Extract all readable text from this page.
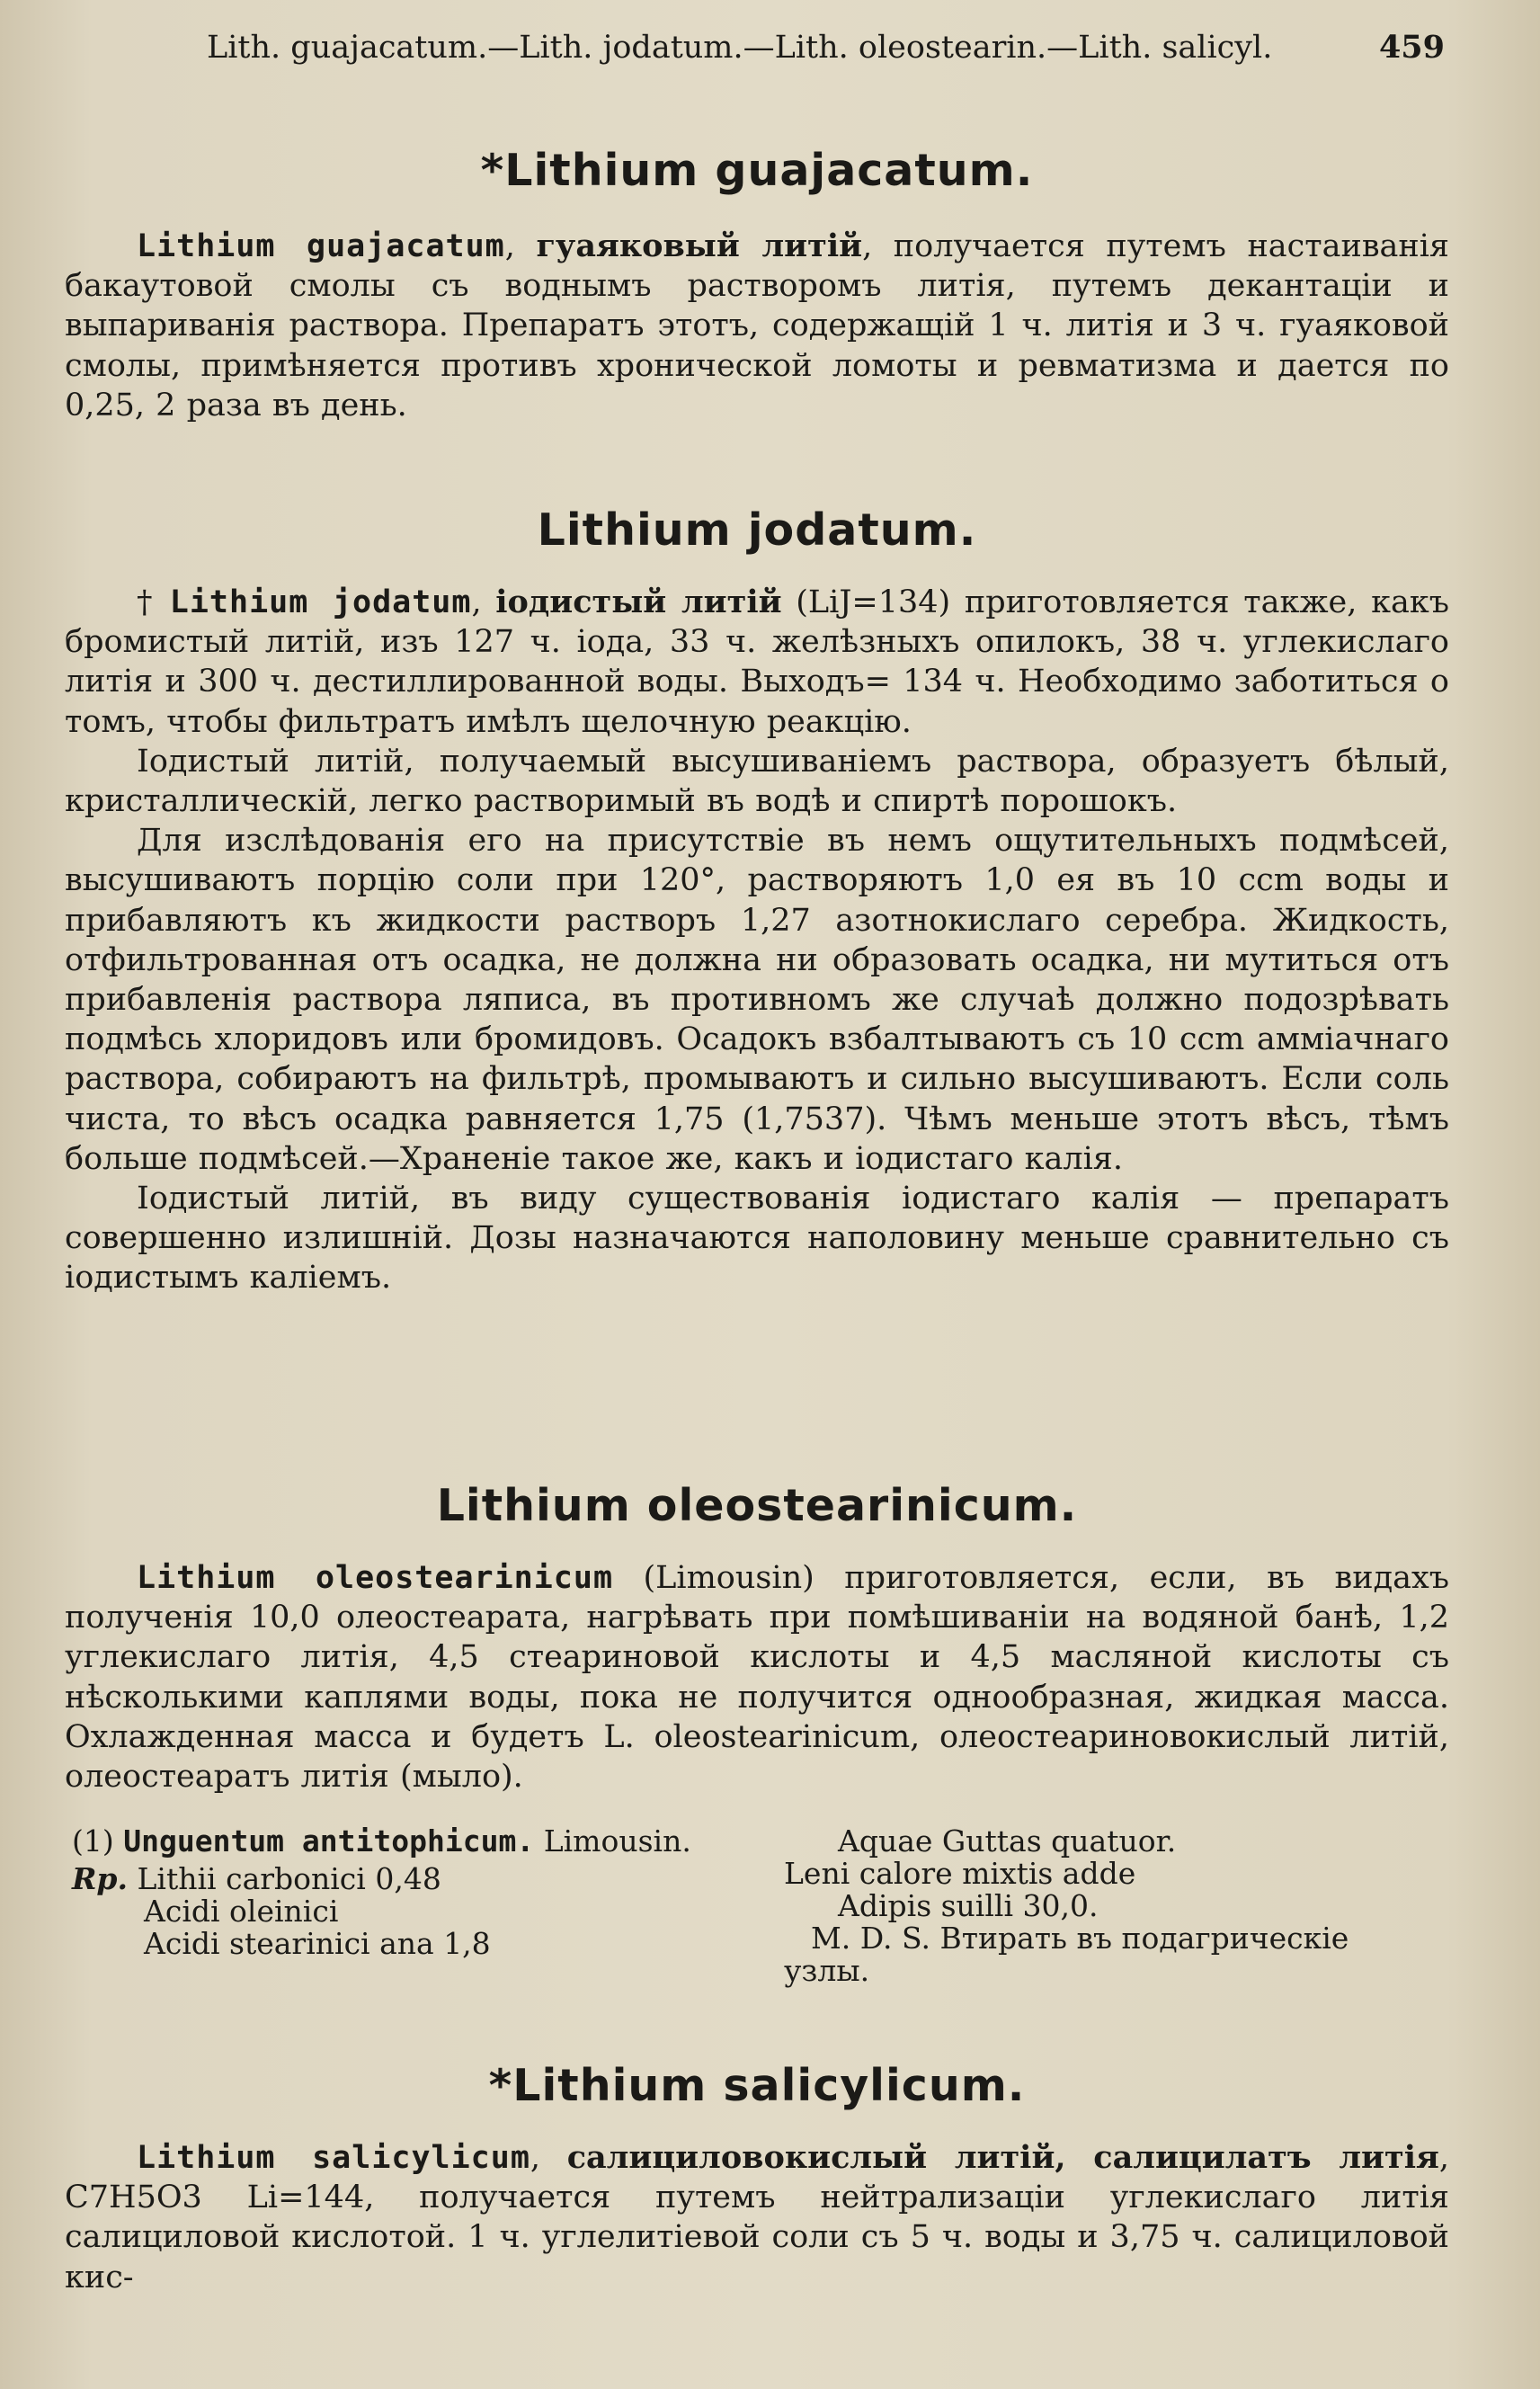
Lith. guajacatum.—Lith. jodatum.—Lith. oleostearin.—Lith. salicyl.	459
*Lithium guajacatum.

Lithium guajacatum, гуаяковый литій, получается путемъ настаиванія бакаутовой смолы съ воднымъ растворомъ литія, путемъ декантаціи и выпариванія раствора. Препаратъ этотъ, содержащій 1 ч. литія и 3 ч. гуаяковой смолы, примѣняется противъ хронической ломоты и ревматизма и дается по 0,25, 2 раза въ день.

Lithium jodatum.

† Lithium jodatum, іодистый литій (LiJ=134) приготовляется также, какъ бромистый литій, изъ 127 ч. іода, 33 ч. желѣзныхъ опилокъ, 38 ч. углекислаго литія и 300 ч. дестиллированной воды. Выходъ= 134 ч. Необходимо заботиться о томъ, чтобы фильтратъ имѣлъ щелочную реакцію.

Іодистый литій, получаемый высушиваніемъ раствора, образуетъ бѣлый, кристаллическій, легко растворимый въ водѣ и спиртѣ порошокъ.

Для изслѣдованія его на присутствіе въ немъ ощутительныхъ подмѣсей, высушиваютъ порцію соли при 120°, растворяютъ 1,0 ея въ 10 ccm воды и прибавляютъ къ жидкости растворъ 1,27 азотнокислаго серебра. Жидкость, отфильтрованная отъ осадка, не должна ни образовать осадка, ни мутиться отъ прибавленія раствора ляписа, въ противномъ же случаѣ должно подозрѣвать подмѣсь хлоридовъ или бромидовъ. Осадокъ взбалтываютъ съ 10 ccm амміачнаго раствора, собираютъ на фильтрѣ, промываютъ и сильно высушиваютъ. Если соль чиста, то вѣсъ осадка равняется 1,75 (1,7537). Чѣмъ меньше этотъ вѣсъ, тѣмъ больше подмѣсей.—Храненіе такое же, какъ и іодистаго калія.

Іодистый литій, въ виду существованія іодистаго калія — препаратъ совершенно излишній. Дозы назначаются наполовину меньше сравнительно съ іодистымъ каліемъ.

Lithium oleostearinicum.

Lithium oleostearinicum (Limousin) приготовляется, если, въ видахъ полученія 10,0 олеостеарата, нагрѣвать при помѣшиваніи на водяной банѣ, 1,2 углекислаго литія, 4,5 стеариновой кислоты и 4,5 масляной кислоты съ нѣсколькими каплями воды, пока не получится однообразная, жидкая масса. Охлажденная масса и будетъ L. oleostearinicum, олеостеариновокислый литій, олеостеаратъ литія (мыло).

(1) Unguentum antitophicum. Limousin.
Rp. Lithii carbonici 0,48
Acidi oleinici
Acidi stearinici ana 1,8
Aquae Guttas quatuor.
Leni calore mixtis adde
Adipis suilli 30,0.
M. D. S. Втирать въ подагрическіе
узлы.
*Lithium salicylicum.

Lithium salicylicum, салициловокислый литій, салицилатъ литія, C7H5O3 Li=144, получается путемъ нейтрализаціи углекислаго литія салициловой кислотой. 1 ч. углелитіевой соли съ 5 ч. воды и 3,75 ч. салициловой кис-
